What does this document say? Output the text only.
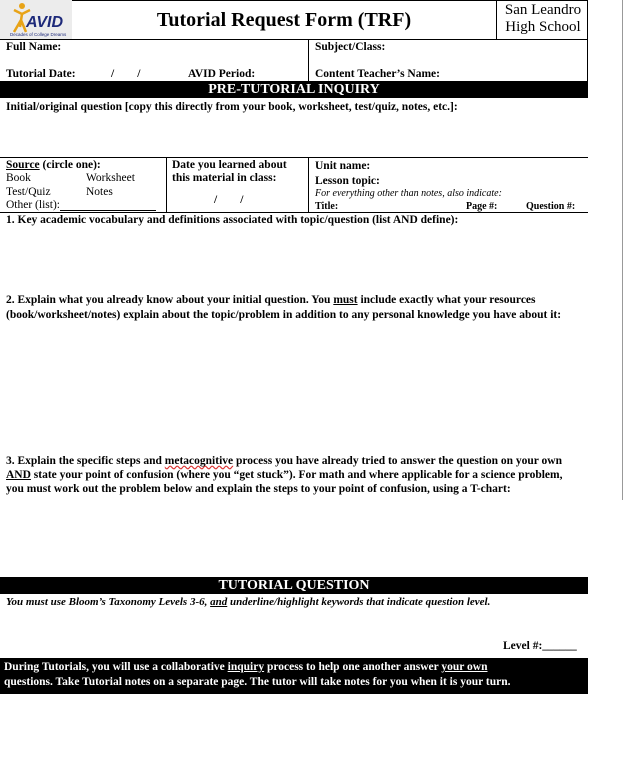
AVID
Decades of College Dreams
Tutorial Request Form (TRF)	San Leandro
High School
Full Name:	Subject/Class:
Tutorial Date:	/        /	AVID Period:	Content Teacher’s Name:
PRE-TUTORIAL INQUIRY
Initial/original question [copy this directly from your book, worksheet, test/quiz, notes, etc.]:
Source (circle one):
Book	Worksheet
Test/Quiz	Notes
Other (list):
Date you learned about
this material in class:
/        /
Unit name:
Lesson topic:
For everything other than notes, also indicate:
Title:	Page #:	Question #:
1. Key academic vocabulary and definitions associated with topic/question (list AND define):
2. Explain what you already know about your initial question. You must include exactly what your resources
(book/worksheet/notes) explain about the topic/problem in addition to any personal knowledge you have about it:
3. Explain the specific steps and metacognitive process you have already tried to answer the question on your own
AND state your point of confusion (where you “get stuck”). For math and where applicable for a science problem,
you must work out the problem below and explain the steps to your point of confusion, using a T-chart:
TUTORIAL QUESTION
You must use Bloom’s Taxonomy Levels 3-6, and underline/highlight keywords that indicate question level.
Level #:______
During Tutorials, you will use a collaborative inquiry process to help one another answer your own
questions. Take Tutorial notes on a separate page. The tutor will take notes for you when it is your turn.
